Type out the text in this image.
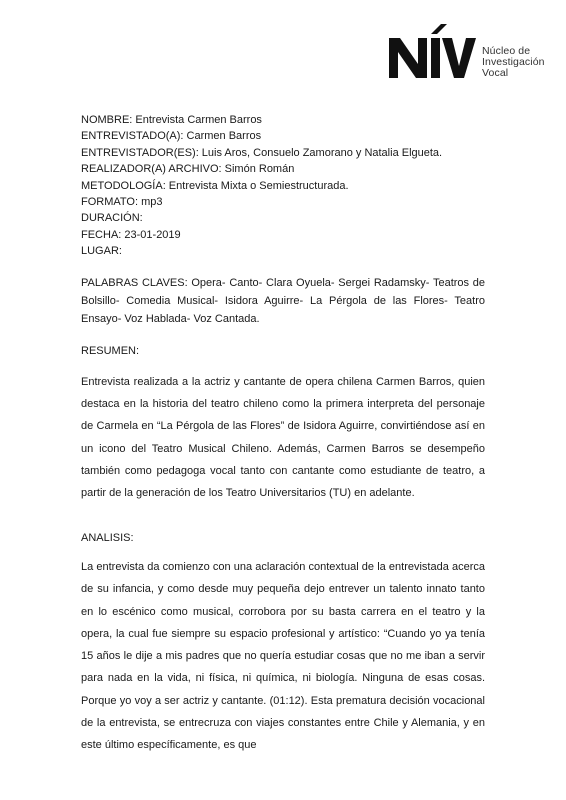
Núcleo de
Investigación
Vocal
NOMBRE: Entrevista Carmen Barros
ENTREVISTADO(A): Carmen Barros
ENTREVISTADOR(ES): Luis Aros, Consuelo Zamorano y Natalia Elgueta.
REALIZADOR(A) ARCHIVO: Simón Román
METODOLOGÍA: Entrevista Mixta o Semiestructurada.
FORMATO: mp3
DURACIÓN:
FECHA: 23-01-2019
LUGAR:
PALABRAS CLAVES: Opera- Canto- Clara Oyuela- Sergei Radamsky- Teatros de Bolsillo- Comedia Musical- Isidora Aguirre- La Pérgola de las Flores- Teatro Ensayo- Voz Hablada- Voz Cantada.
RESUMEN:
Entrevista realizada a la actriz y cantante de opera chilena Carmen Barros, quien destaca en la historia del teatro chileno como la primera interpreta del personaje de Carmela en “La Pérgola de las Flores” de Isidora Aguirre, convirtiéndose así en un icono del Teatro Musical Chileno. Además, Carmen Barros se desempeño también como pedagoga vocal tanto con cantante como estudiante de teatro, a partir de la generación de los Teatro Universitarios (TU) en adelante.
ANALISIS:
La entrevista da comienzo con una aclaración contextual de la entrevistada acerca de su infancia, y como desde muy pequeña dejo entrever un talento innato tanto en lo escénico como musical, corrobora por su basta carrera en el teatro y la opera, la cual fue siempre su espacio profesional y artístico: “Cuando yo ya tenía 15 años le dije a mis padres que no quería estudiar cosas que no me iban a servir para nada en la vida, ni física, ni química, ni biología. Ninguna de esas cosas. Porque yo voy a ser actriz y cantante. (01:12). Esta prematura decisión vocacional de la entrevista, se entrecruza con viajes constantes entre Chile y Alemania, y en este último específicamente, es que
